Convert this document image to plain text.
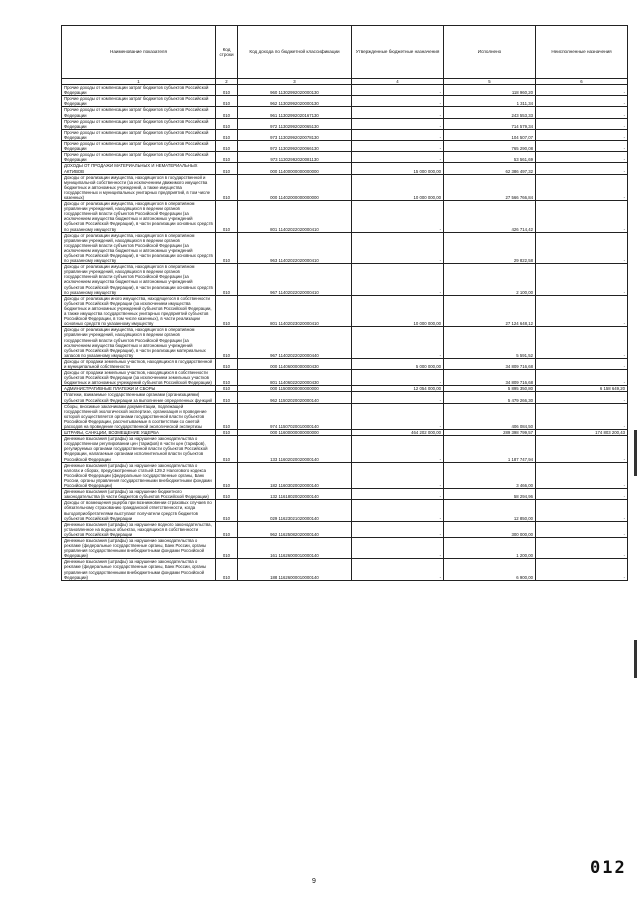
Наименование показателя	Код строки	Код дохода по бюджетной классификации	Утвержденные бюджетные назначения	Исполнено	Неисполненные назначения
1	2	3	4	5	6
Прочие доходы от компенсации затрат бюджетов субъектов Российской Федерации	010	960 11302992020000130	-	118 960,20	-
Прочие доходы от компенсации затрат бюджетов субъектов Российской Федерации	010	962 11302992020000130	-	1 311,34	-
Прочие доходы от компенсации затрат бюджетов субъектов Российской Федерации	010	961 11302992020167130	-	243 553,33	-
Прочие доходы от компенсации затрат бюджетов субъектов Российской Федерации	010	972 11302992020065130	-	714 579,34	-
Прочие доходы от компенсации затрат бюджетов субъектов Российской Федерации	010	973 11302992020078130	-	104 507,07	-
Прочие доходы от компенсации затрат бюджетов субъектов Российской Федерации	010	972 11302992020066130	-	765 290,08	-
Прочие доходы от компенсации затрат бюджетов субъектов Российской Федерации	010	973 11302992020081130	-	53 561,69	-
ДОХОДЫ ОТ ПРОДАЖИ МАТЕРИАЛЬНЫХ И НЕМАТЕРИАЛЬНЫХ АКТИВОВ	010	000 11400000000000000	15 000 000,00	62 386 497,32	-
Доходы от реализации имущества, находящегося в государственной и муниципальной собственности (за исключением движимого имущества бюджетных и автономных учреждений, а также имущества государственных и муниципальных унитарных предприятий, в том числе казенных)	010	000 11402000000000000	10 000 000,00	27 566 766,84	-
Доходы от реализации имущества, находящегося в оперативном управлении учреждений, находящихся в ведении органов государственной власти субъектов Российской Федерации (за исключением имущества бюджетных и автономных учреждений субъектов Российской Федерации), в части реализации основных средств по указанному имуществу	010	801 11402022020000410	-	426 714,42	-
Доходы от реализации имущества, находящегося в оперативном управлении учреждений, находящихся в ведении органов государственной власти субъектов Российской Федерации (за исключением имущества бюджетных и автономных учреждений субъектов Российской Федерации), в части реализации основных средств по указанному имуществу	010	963 11402022020000410	-	29 822,58	-
Доходы от реализации имущества, находящегося в оперативном управлении учреждений, находящихся в ведении органов государственной власти субъектов Российской Федерации (за исключением имущества бюджетных и автономных учреждений субъектов Российской Федерации), в части реализации основных средств по указанному имуществу	010	967 11402022020000410	-	2 100,00	-
Доходы от реализации иного имущества, находящегося в собственности субъектов Российской Федерации (за исключением имущества бюджетных и автономных учреждений субъектов Российской Федерации, а также имущества государственных унитарных предприятий субъектов Российской Федерации, в том числе казенных), в части реализации основных средств по указанному имуществу	010	801 11402023020000410	10 000 000,00	27 124 648,12	-
Доходы от реализации имущества, находящегося в оперативном управлении учреждений, находящихся в ведении органов государственной власти субъектов Российской Федерации (за исключением имущества бюджетных и автономных учреждений субъектов Российской Федерации), в части реализации материальных запасов по указанному имуществу	010	967 11402022020000440	-	5 591,52	-
Доходы от продажи земельных участков, находящихся в государственной и муниципальной собственности	010	000 11406000000000430	5 000 000,00	34 809 716,68	-
Доходы от продажи земельных участков, находящихся в собственности субъектов Российской Федерации (за исключением земельных участков бюджетных и автономных учреждений субъектов Российской Федерации)	010	801 11406022020000430	-	34 809 716,68	-
АДМИНИСТРАТИВНЫЕ ПЛАТЕЖИ И СБОРЫ	010	000 11500000000000000	12 054 000,00	5 895 350,80	6 158 649,20
Платежи, взимаемые государственными органами (организациями) субъектов Российской Федерации за выполнение определенных функций	010	962 11502020020000140	-	5 479 266,30	-
Сборы, вносимые заказчиками документации, подлежащей государственной экологической экспертизе, организация и проведение которой осуществляется органами государственной власти субъектов Российской Федерации, рассчитываемые в соответствии со сметой расходов на проведение государственной экологической экспертизы	010	974 11507020010000140	-	406 084,50	-
ШТРАФЫ, САНКЦИИ, ВОЗМЕЩЕНИЕ УЩЕРБА	010	000 11600000000000000	464 202 000,00	289 398 799,57	174 803 200,43
Денежные взыскания (штрафы) за нарушение законодательства о государственном регулировании цен (тарифов) в части цен (тарифов), регулируемых органами государственной власти субъектов Российской Федерации, налагаемые органами исполнительной власти субъектов Российской Федерации	010	133 11602020020000140	-	1 187 747,94	-
Денежные взыскания (штрафы) за нарушение законодательства о налогах и сборах, предусмотренные статьей 129.2 Налогового кодекса Российской Федерации (федеральные государственные органы, Банк России, органы управления государственными внебюджетными фондами Российской Федерации)	010	182 11603020020000140	-	3 466,00	-
Денежные взыскания (штрафы) за нарушение бюджетного законодательства (в части бюджетов субъектов Российской Федерации)	010	132 11618020020000140	-	58 294,96	-
Доходы от возмещения ущерба при возникновении страховых случаев по обязательному страхованию гражданской ответственности, когда выгодоприобретателями выступают получатели средств бюджетов субъектов Российской Федерации	010	029 11623021020000140	-	12 850,00	-
Денежные взыскания (штрафы) за нарушение водного законодательства, установленное на водных объектах, находящихся в собственности субъектов Российской Федерации	010	962 11625082020000140	-	300 000,00	-
Денежные взыскания (штрафы) за нарушение законодательства о рекламе (федеральные государственные органы, Банк России, органы управления государственными внебюджетными фондами Российской Федерации)	010	161 11626000010000140	-	1 200,00	-
Денежные взыскания (штрафы) за нарушение законодательства о рекламе (федеральные государственные органы, Банк России, органы управления государственными внебюджетными фондами Российской Федерации)	010	188 11626000010000140	-	6 900,00	-
9
012
